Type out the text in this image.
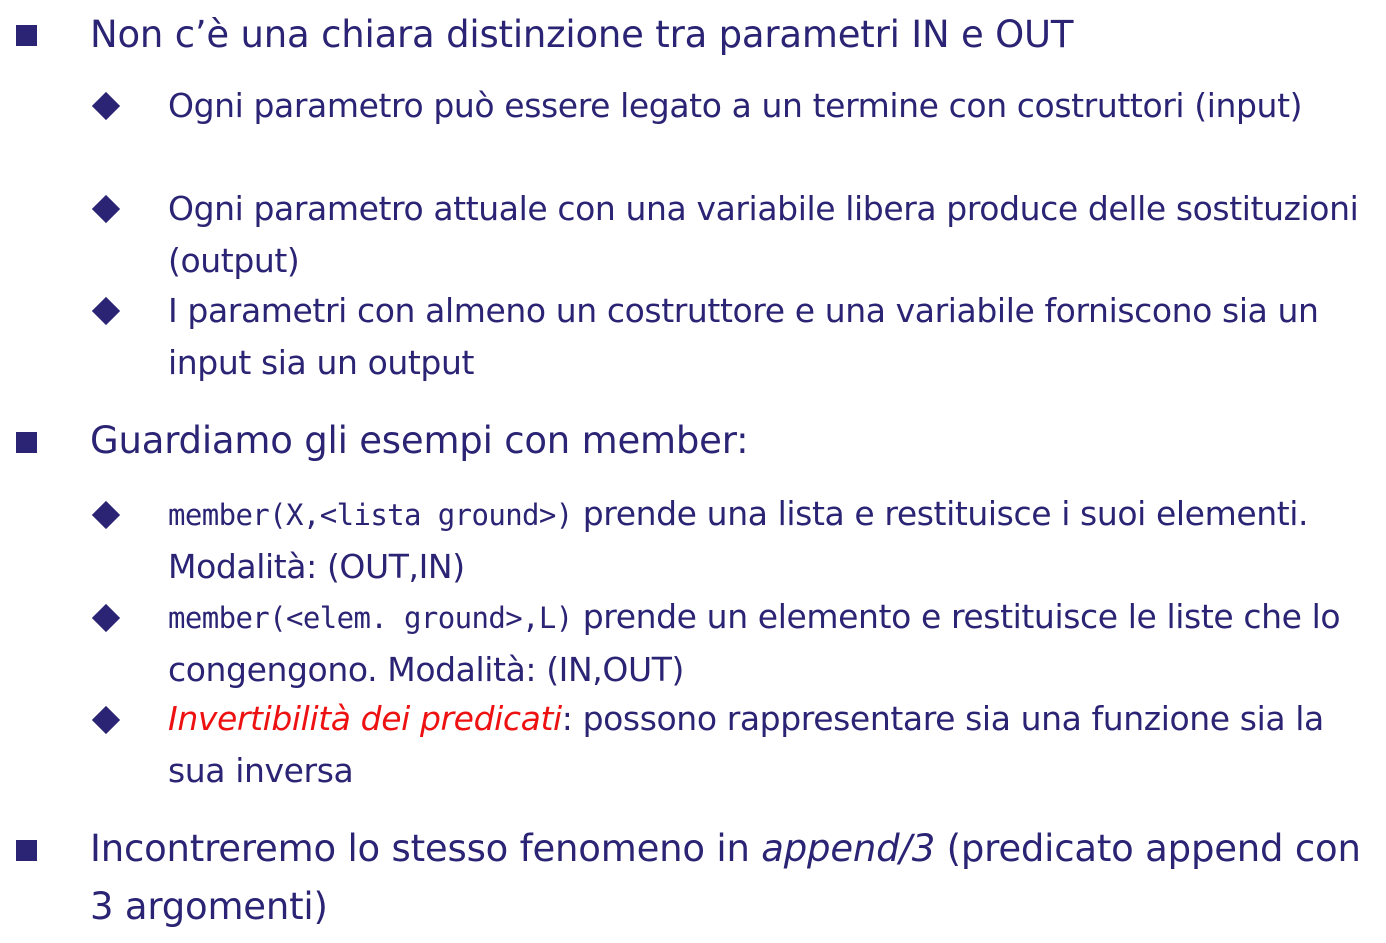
Non c’è una chiara distinzione tra parametri IN e OUT
Ogni parametro può essere legato a un termine con costruttori (input)
Ogni parametro attuale con una variabile libera produce delle sostituzioni (output)
I parametri con almeno un costruttore e una variabile forniscono sia un input sia un output
Guardiamo gli esempi con member:
member(X,<lista ground>) prende una lista e restituisce i suoi elementi. Modalità: (OUT,IN)
member(<elem. ground>,L) prende un elemento e restituisce le liste che lo congengono. Modalità: (IN,OUT)
Invertibilità dei predicati: possono rappresentare sia una funzione sia la sua inversa
Incontreremo lo stesso fenomeno in append/3 (predicato append con 3 argomenti)
